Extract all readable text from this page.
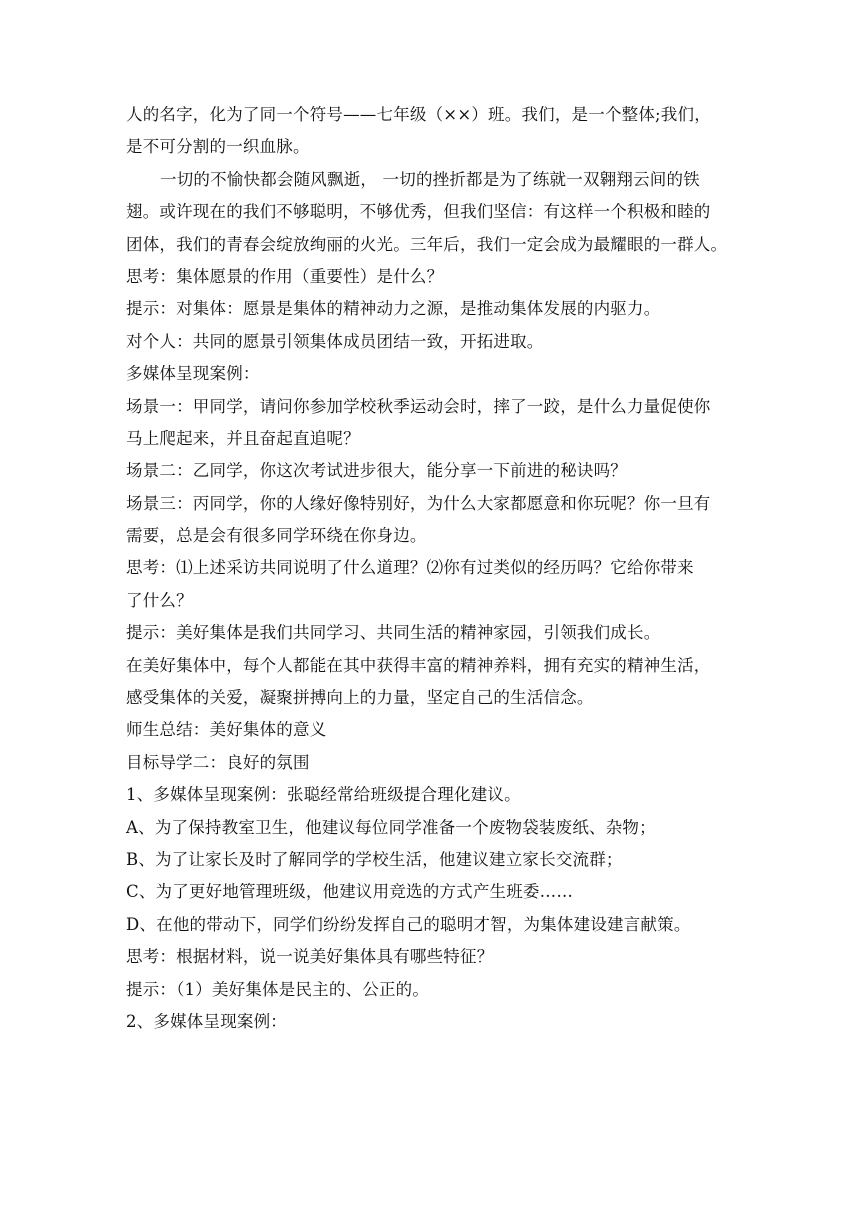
人的名字，化为了同一个符号——七年级（××）班。我们，是一个整体;我们，

是不可分割的一织血脉。

一切的不愉快都会随风飘逝， 一切的挫折都是为了练就一双翱翔云间的铁

翅。或许现在的我们不够聪明，不够优秀，但我们坚信：有这样一个积极和睦的

团体，我们的青春会绽放绚丽的火光。三年后，我们一定会成为最耀眼的一群人。

思考：集体愿景的作用（重要性）是什么？

提示：对集体：愿景是集体的精神动力之源，是推动集体发展的内驱力。

对个人：共同的愿景引领集体成员团结一致，开拓进取。

多媒体呈现案例：

场景一：甲同学，请问你参加学校秋季运动会时，摔了一跤，是什么力量促使你

马上爬起来，并且奋起直追呢？

场景二：乙同学，你这次考试进步很大，能分享一下前进的秘诀吗？

场景三：丙同学，你的人缘好像特别好，为什么大家都愿意和你玩呢？你一旦有

需要，总是会有很多同学环绕在你身边。

思考：⑴上述采访共同说明了什么道理？⑵你有过类似的经历吗？它给你带来

了什么？

提示：美好集体是我们共同学习、共同生活的精神家园，引领我们成长。

在美好集体中，每个人都能在其中获得丰富的精神养料，拥有充实的精神生活，

感受集体的关爱，凝聚拼搏向上的力量，坚定自己的生活信念。

师生总结：美好集体的意义

目标导学二：良好的氛围

1、多媒体呈现案例：张聪经常给班级提合理化建议。

A、为了保持教室卫生，他建议每位同学准备一个废物袋装废纸、杂物；

B、为了让家长及时了解同学的学校生活，他建议建立家长交流群；

C、为了更好地管理班级，他建议用竞选的方式产生班委……

D、在他的带动下，同学们纷纷发挥自己的聪明才智，为集体建设建言献策。

思考：根据材料，说一说美好集体具有哪些特征？

提示：（1）美好集体是民主的、公正的。

2、多媒体呈现案例：
